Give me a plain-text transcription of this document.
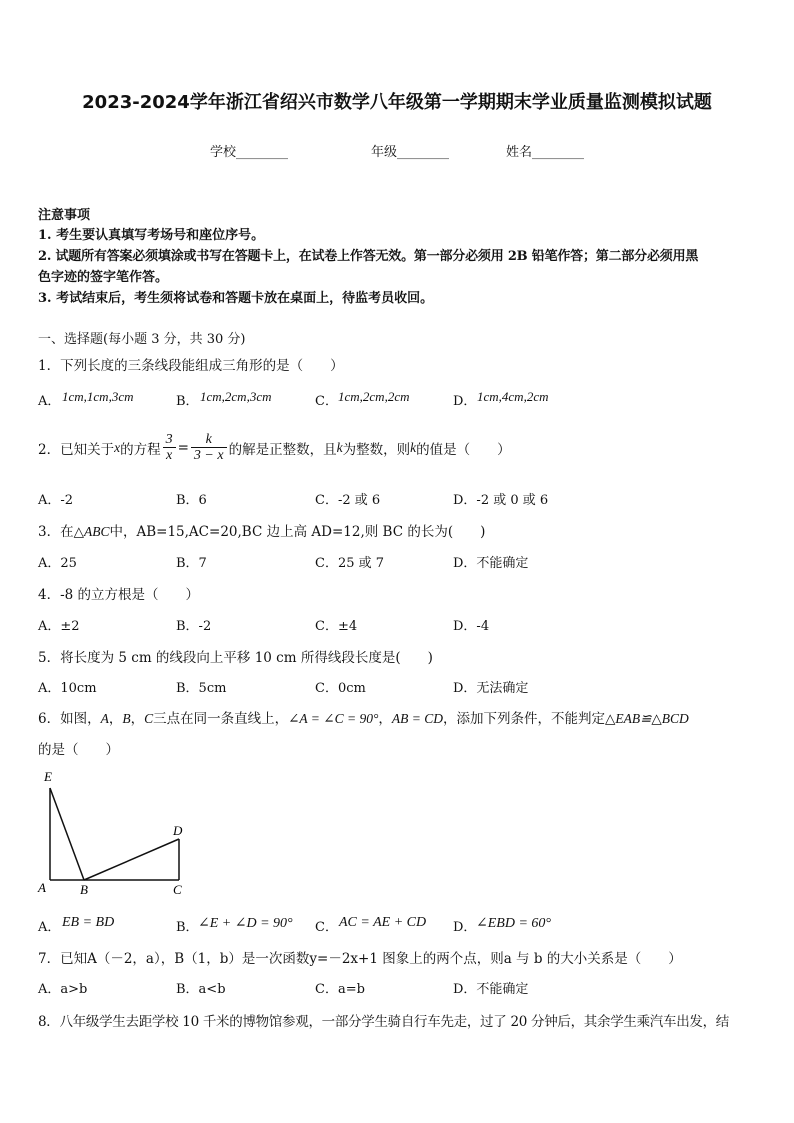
2023-2024学年浙江省绍兴市数学八年级第一学期期末学业质量监测模拟试题
学校________	年级________	姓名________
注意事项
1. 考生要认真填写考场号和座位序号。
2. 试题所有答案必须填涂或书写在答题卡上，在试卷上作答无效。第一部分必须用 2B 铅笔作答；第二部分必须用黑
色字迹的签字笔作答。
3. 考试结束后，考生须将试卷和答题卡放在桌面上，待监考员收回。
一、选择题(每小题 3 分，共 30 分)
1．下列长度的三条线段能组成三角形的是（　　）
A． 1cm,1cm,3cm	B． 1cm,2cm,3cm	C． 1cm,2cm,2cm	D． 1cm,4cm,2cm
2．已知关于 x 的方程 $\frac{3}{x} = \frac{k}{3 - x}$ 的解是正整数，且 k 为整数，则 k 的值是（　　）
A．-2	B．6	C．-2 或 6	D．-2 或 0 或 6
3．在△ABC中，AB=15,AC=20,BC 边上高 AD=12,则 BC 的长为(　　)
A．25	B．7	C．25 或 7	D．不能确定
4．-8 的立方根是（　　）
A．±2	B．-2	C．±4	D．-4
5．将长度为 5 cm 的线段向上平移 10 cm 所得线段长度是(　　)
A．10cm	B．5cm	C．0cm	D．无法确定
6．如图，A，B，C三点在同一条直线上，∠A = ∠C = 90°，AB = CD，添加下列条件，不能判定△EAB≌△BCD
的是（　　）
E
D
A	B	C
A． EB = BD	B． ∠E + ∠D = 90° C． AC = AE + CD D． ∠EBD = 60°
7．已知A（－2，a），B（1，b）是一次函数y=－2x+1 图象上的两个点，则a 与 b 的大小关系是（　　）
A．a>b	B．a<b	C．a=b	D．不能确定
8．八年级学生去距学校 10 千米的博物馆参观，一部分学生骑自行车先走，过了 20 分钟后，其余学生乘汽车出发，结
